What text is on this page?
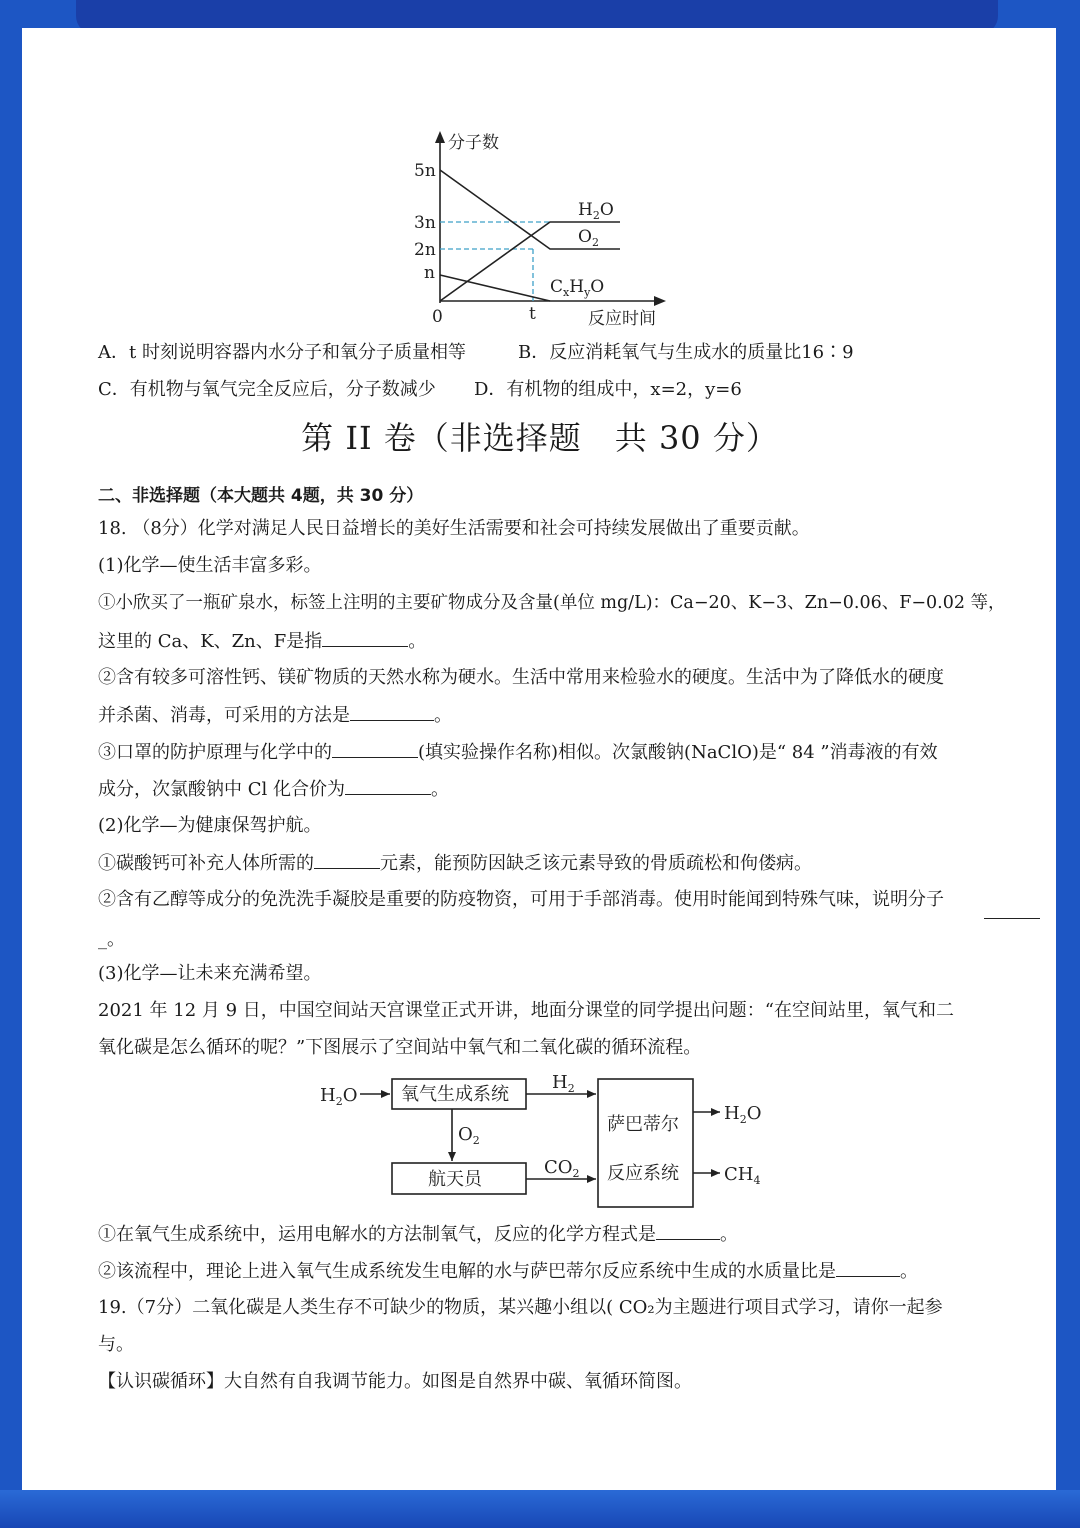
分子数
5n
3n
2n
n
0	t	反应时间
$H_2O$
$O_2$
$C_xH_yO$
A．t 时刻说明容器内水分子和氧分子质量相等	B．反应消耗氧气与生成水的质量比16∶9
C．有机物与氧气完全反应后，分子数减少 D．有机物的组成中，x=2，y=6
第 II 卷（非选择题　共 30 分）
二、非选择题（本大题共 4题，共 30 分）
18. （8分）化学对满足人民日益增长的美好生活需要和社会可持续发展做出了重要贡献。
(1)化学—使生活丰富多彩。
①小欣买了一瓶矿泉水，标签上注明的主要矿物成分及含量(单位 mg/L)：Ca−20、K−3、Zn−0.06、F−0.02 等，
这里的 Ca、K、Zn、F是指	。
②含有较多可溶性钙、镁矿物质的天然水称为硬水。生活中常用来检验水的硬度。生活中为了降低水的硬度
并杀菌、消毒，可采用的方法是	。
③口罩的防护原理与化学中的	(填实验操作名称)相似。次氯酸钠(NaClO)是“ 84 ”消毒液的有效
成分，次氯酸钠中 Cl 化合价为	。
(2)化学—为健康保驾护航。
①碳酸钙可补充人体所需的	元素，能预防因缺乏该元素导致的骨质疏松和佝偻病。
②含有乙醇等成分的免洗洗手凝胶是重要的防疫物资，可用于手部消毒。使用时能闻到特殊气味，说明分子
_。
(3)化学—让未来充满希望。
2021 年 12 月 9 日，中国空间站天宫课堂正式开讲，地面分课堂的同学提出问题：“在空间站里，氧气和二
氧化碳是怎么循环的呢？”下图展示了空间站中氧气和二氧化碳的循环流程。
$H_2O$ 氧气生成系统
$H_2$
$O_2$
航天员
$CO_2$
萨巴蒂尔
反应系统
$H_2O$
$CH_4$
①在氧气生成系统中，运用电解水的方法制氧气，反应的化学方程式是	。
②该流程中，理论上进入氧气生成系统发生电解的水与萨巴蒂尔反应系统中生成的水质量比是	。
19.（7分）二氧化碳是人类生存不可缺少的物质，某兴趣小组以( CO₂为主题进行项目式学习，请你一起参
与。
【认识碳循环】大自然有自我调节能力。如图是自然界中碳、氧循环简图。
